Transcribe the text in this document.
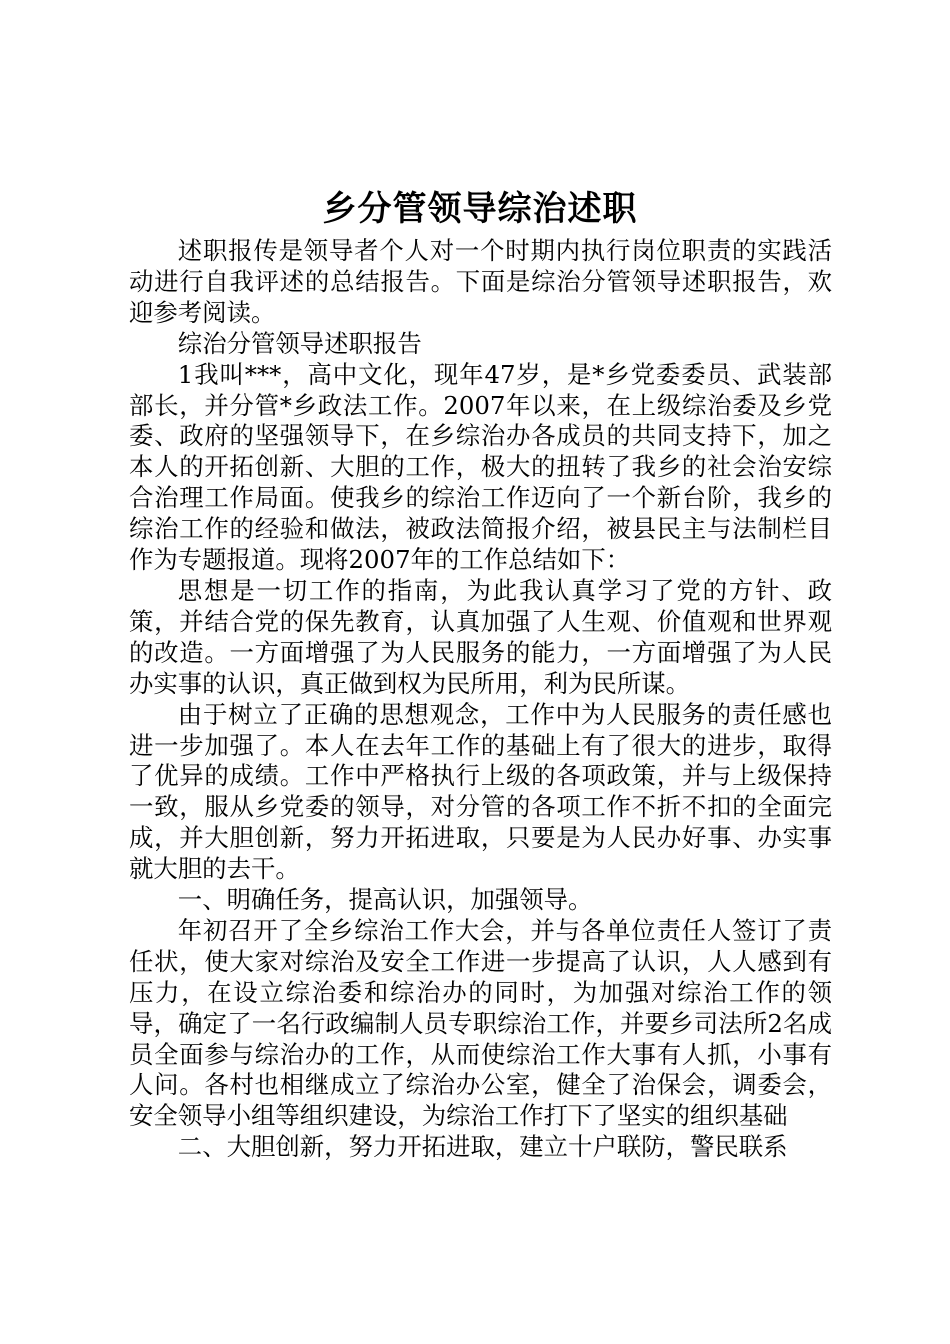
乡分管领导综治述职

述职报传是领导者个人对一个时期内执行岗位职责的实践活动进行自我评述的总结报告。下面是综治分管领导述职报告，欢迎参考阅读。

综治分管领导述职报告

1我叫***，高中文化，现年47岁，是*乡党委委员、武装部部长，并分管*乡政法工作。2007年以来，在上级综治委及乡党委、政府的坚强领导下，在乡综治办各成员的共同支持下，加之本人的开拓创新、大胆的工作，极大的扭转了我乡的社会治安综合治理工作局面。使我乡的综治工作迈向了一个新台阶，我乡的综治工作的经验和做法，被政法简报介绍，被县民主与法制栏目作为专题报道。现将2007年的工作总结如下：

思想是一切工作的指南，为此我认真学习了党的方针、政策，并结合党的保先教育，认真加强了人生观、价值观和世界观的改造。一方面增强了为人民服务的能力，一方面增强了为人民办实事的认识，真正做到权为民所用，利为民所谋。

由于树立了正确的思想观念，工作中为人民服务的责任感也进一步加强了。本人在去年工作的基础上有了很大的进步，取得了优异的成绩。工作中严格执行上级的各项政策，并与上级保持一致，服从乡党委的领导，对分管的各项工作不折不扣的全面完成，并大胆创新，努力开拓进取，只要是为人民办好事、办实事就大胆的去干。

一、明确任务，提高认识，加强领导。

年初召开了全乡综治工作大会，并与各单位责任人签订了责任状，使大家对综治及安全工作进一步提高了认识，人人感到有压力，在设立综治委和综治办的同时，为加强对综治工作的领导，确定了一名行政编制人员专职综治工作，并要乡司法所2名成员全面参与综治办的工作，从而使综治工作大事有人抓，小事有人问。各村也相继成立了综治办公室，健全了治保会，调委会，安全领导小组等组织建设，为综治工作打下了坚实的组织基础

二、大胆创新，努力开拓进取，建立十户联防，警民联系
